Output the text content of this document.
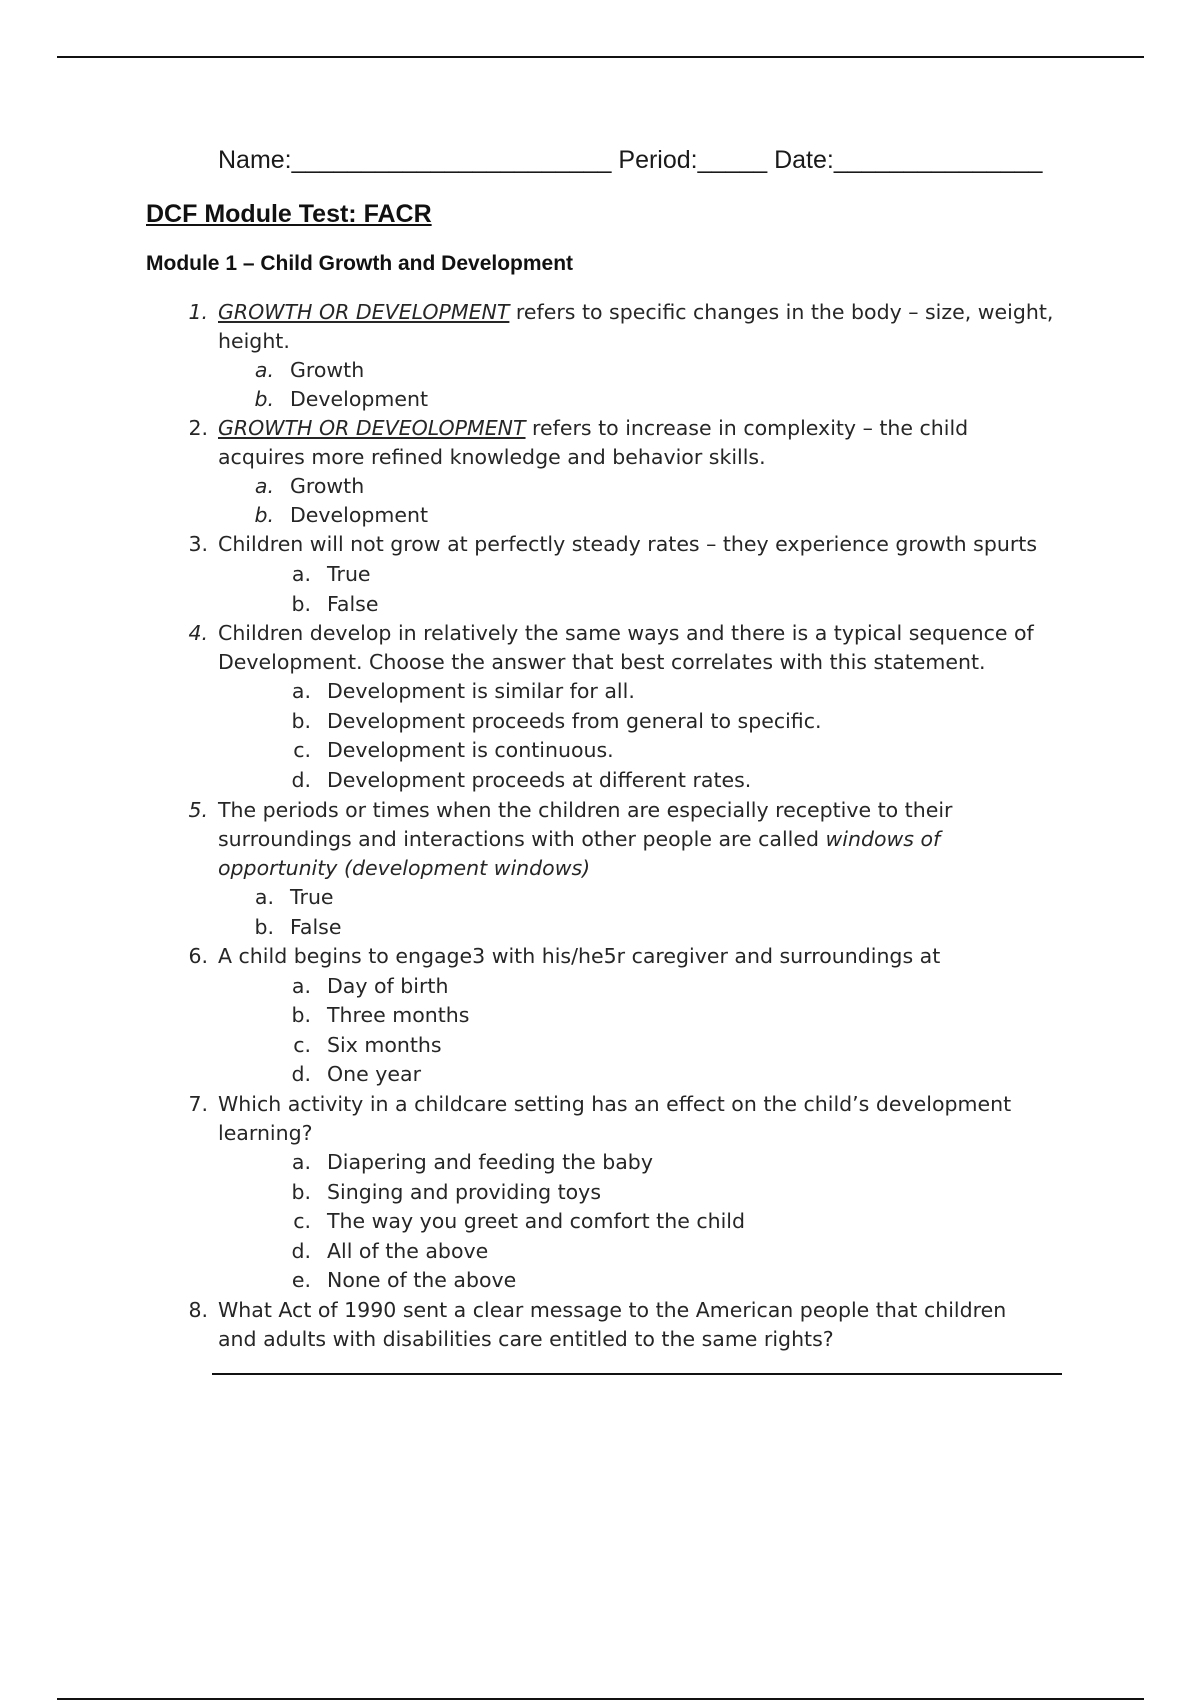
Name:_______________________ Period:_____ Date:_______________
DCF Module Test: FACR
Module 1 – Child Growth and Development
1. GROWTH OR DEVELOPMENT refers to specific changes in the body – size, weight,
height.
a. Growth
b. Development
2. GROWTH OR DEVEOLOPMENT refers to increase in complexity – the child
acquires more refined knowledge and behavior skills.
a. Growth
b. Development
3. Children will not grow at perfectly steady rates – they experience growth spurts
a. True
b. False
4. Children develop in relatively the same ways and there is a typical sequence of
Development. Choose the answer that best correlates with this statement.
a. Development is similar for all.
b. Development proceeds from general to specific.
c. Development is continuous.
d. Development proceeds at different rates.
5. The periods or times when the children are especially receptive to their
surroundings and interactions with other people are called windows of
opportunity (development windows)
a. True
b. False
6. A child begins to engage3 with his/he5r caregiver and surroundings at
a. Day of birth
b. Three months
c. Six months
d. One year
7. Which activity in a childcare setting has an effect on the child’s development
learning?
a. Diapering and feeding the baby
b. Singing and providing toys
c. The way you greet and comfort the child
d. All of the above
e. None of the above
8. What Act of 1990 sent a clear message to the American people that children
and adults with disabilities care entitled to the same rights?
